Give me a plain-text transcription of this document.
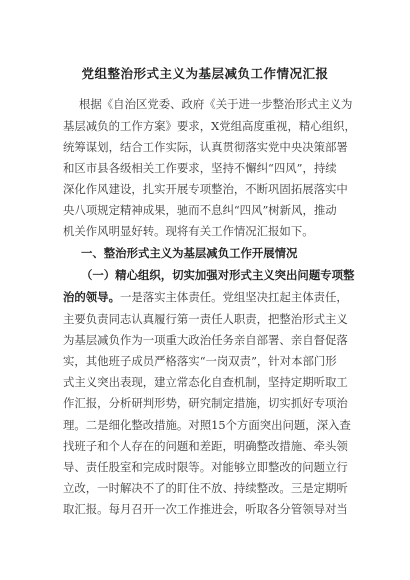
党组整治形式主义为基层减负工作情况汇报
根据《自治区党委、政府《关于进一步整治形式主义为
基层减负的工作方案》要求，X党组高度重视，精心组织，
统筹谋划，结合工作实际，认真贯彻落实党中央决策部署
和区市县各级相关工作要求，坚持不懈纠“四风”，持续
深化作风建设，扎实开展专项整治，不断巩固拓展落实中
央八项规定精神成果，驰而不息纠“四风”树新风，推动
机关作风明显好转。现将有关工作情况汇报如下。
一、整治形式主义为基层减负工作开展情况
（一）精心组织，切实加强对形式主义突出问题专项整
治的领导。一是落实主体责任。党组坚决扛起主体责任，
主要负责同志认真履行第一责任人职责，把整治形式主义
为基层减负作为一项重大政治任务亲自部署、亲自督促落
实，其他班子成员严格落实“一岗双责”，针对本部门形
式主义突出表现，建立常态化自查机制，坚持定期听取工
作汇报，分析研判形势，研究制定措施，切实抓好专项治
理。二是细化整改措施。对照15个方面突出问题，深入查
找班子和个人存在的问题和差距，明确整改措施、牵头领
导、责任股室和完成时限等。对能够立即整改的问题立行
立改，一时解决不了的盯住不放、持续整改。三是定期听
取汇报。每月召开一次工作推进会，听取各分管领导对当
